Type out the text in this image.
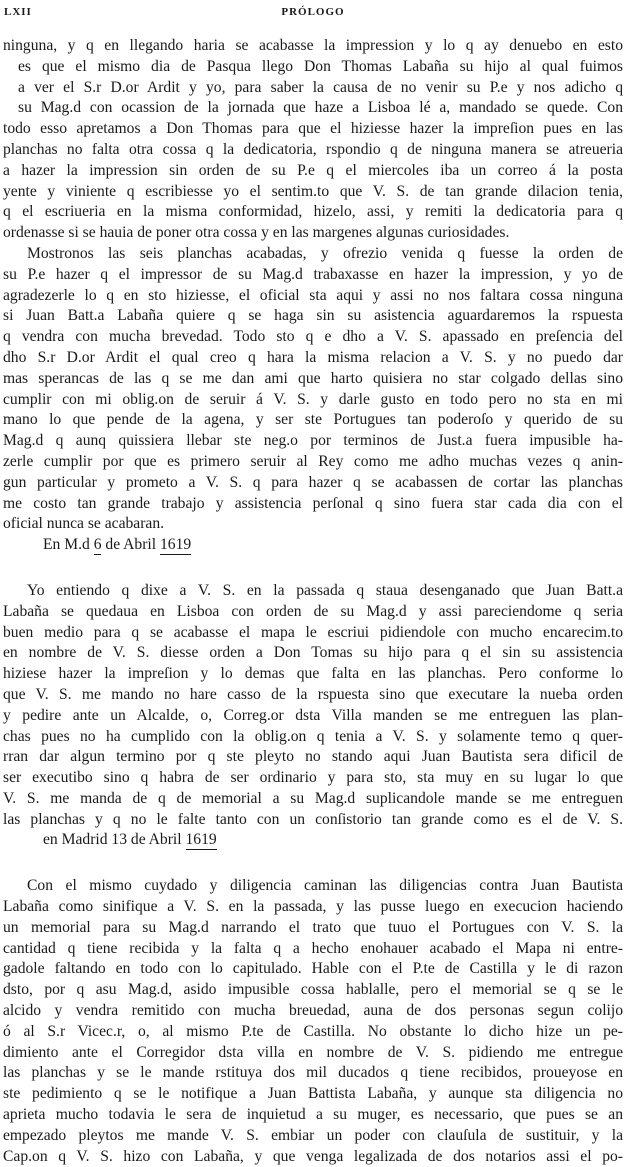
LXII	PRÓLOGO
ninguna, y q en llegando haria se acabasse la impression y lo q ay denuebo en esto
es que el mismo dia de Pasqua llego Don Thomas Labaña su hijo al qual fuimos
a ver el S.r D.or Ardit y yo, para saber la causa de no venir su P.e y nos adicho q
su Mag.d con ocassion de la jornada que haze a Lisboa lé a, mandado se quede. Con
todo esso apretamos a Don Thomas para que el hiziesse hazer la impreſion pues en las
planchas no falta otra cossa q la dedicatoria, rspondio q de ninguna manera se atreueria
a hazer la impression sin orden de su P.e q el miercoles iba un correo á la posta
yente y viniente q escribiesse yo el sentim.to que V. S. de tan grande dilacion tenia,
q el escriueria en la misma conformidad, hizelo, assi, y remiti la dedicatoria para q
ordenasse si se hauia de poner otra cossa y en las margenes algunas curiosidades.
Mostronos las seis planchas acabadas, y ofrezio venida q fuesse la orden de
su P.e hazer q el impressor de su Mag.d trabaxasse en hazer la impression, y yo de
agradezerle lo q en sto hiziesse, el oficial sta aqui y assi no nos faltara cossa ninguna
si Juan Batt.a Labaña quiere q se haga sin su asistencia aguardaremos la rspuesta
q vendra con mucha brevedad. Todo sto q e dho a V. S. apassado en preſencia del
dho S.r D.or Ardit el qual creo q hara la misma relacion a V. S. y no puedo dar
mas sperancas de las q se me dan ami que harto quisiera no star colgado dellas sino
cumplir con mi oblig.on de seruir á V. S. y darle gusto en todo pero no sta en mi
mano lo que pende de la agena, y ser ste Portugues tan poderoſo y querido de su
Mag.d q aunq quissiera llebar ste neg.o por terminos de Just.a fuera impusible ha-
zerle cumplir por que es primero seruir al Rey como me adho muchas vezes q anin-
gun particular y prometo a V. S. q para hazer q se acabassen de cortar las planchas
me costo tan grande trabajo y assistencia perſonal q sino fuera star cada dia con el
oficial nunca se acabaran.
En M.d 6 de Abril 1619
Yo entiendo q dixe a V. S. en la passada q staua desenganado que Juan Batt.a
Labaña se quedaua en Lisboa con orden de su Mag.d y assi pareciendome q seria
buen medio para q se acabasse el mapa le escriui pidiendole con mucho encarecim.to
en nombre de V. S. diesse orden a Don Tomas su hijo para q el sin su assistencia
hiziese hazer la impreſion y lo demas que falta en las planchas. Pero conforme lo
que V. S. me mando no hare casso de la rspuesta sino que executare la nueba orden
y pedire ante un Alcalde, o, Correg.or dsta Villa manden se me entreguen las plan-
chas pues no ha cumplido con la oblig.on q tenia a V. S. y solamente temo q quer-
rran dar algun termino por q ste pleyto no stando aqui Juan Bautista sera dificil de
ser executibo sino q habra de ser ordinario y para sto, sta muy en su lugar lo que
V. S. me manda de q de memorial a su Mag.d suplicandole mande se me entreguen
las planchas y q no le falte tanto con un conſistorio tan grande como es el de V. S.
en Madrid 13 de Abril 1619
Con el mismo cuydado y diligencia caminan las diligencias contra Juan Bautista
Labaña como sinifique a V. S. en la passada, y las pusse luego en execucion haciendo
un memorial para su Mag.d narrando el trato que tuuo el Portugues con V. S. la
cantidad q tiene recibida y la falta q a hecho enohauer acabado el Mapa ni entre-
gadole faltando en todo con lo capitulado. Hable con el P.te de Castilla y le di razon
dsto, por q asu Mag.d, asido impusible cossa hablalle, pero el memorial se q se le
alcido y vendra remitido con mucha breuedad, auna de dos personas segun colijo
ó al S.r Vicec.r, o, al mismo P.te de Castilla. No obstante lo dicho hize un pe-
dimiento ante el Corregidor dsta villa en nombre de V. S. pidiendo me entregue
las planchas y se le mande rstituya dos mil ducados q tiene recibidos, proueyose en
ste pedimiento q se le notifique a Juan Battista Labaña, y aunque sta diligencia no
aprieta mucho todavia le sera de inquietud a su muger, es necessario, que pues se an
empezado pleytos me mande V. S. embiar un poder con clauſula de sustituir, y la
Cap.on q V. S. hizo con Labaña, y que venga legalizada de dos notarios assi el po-
